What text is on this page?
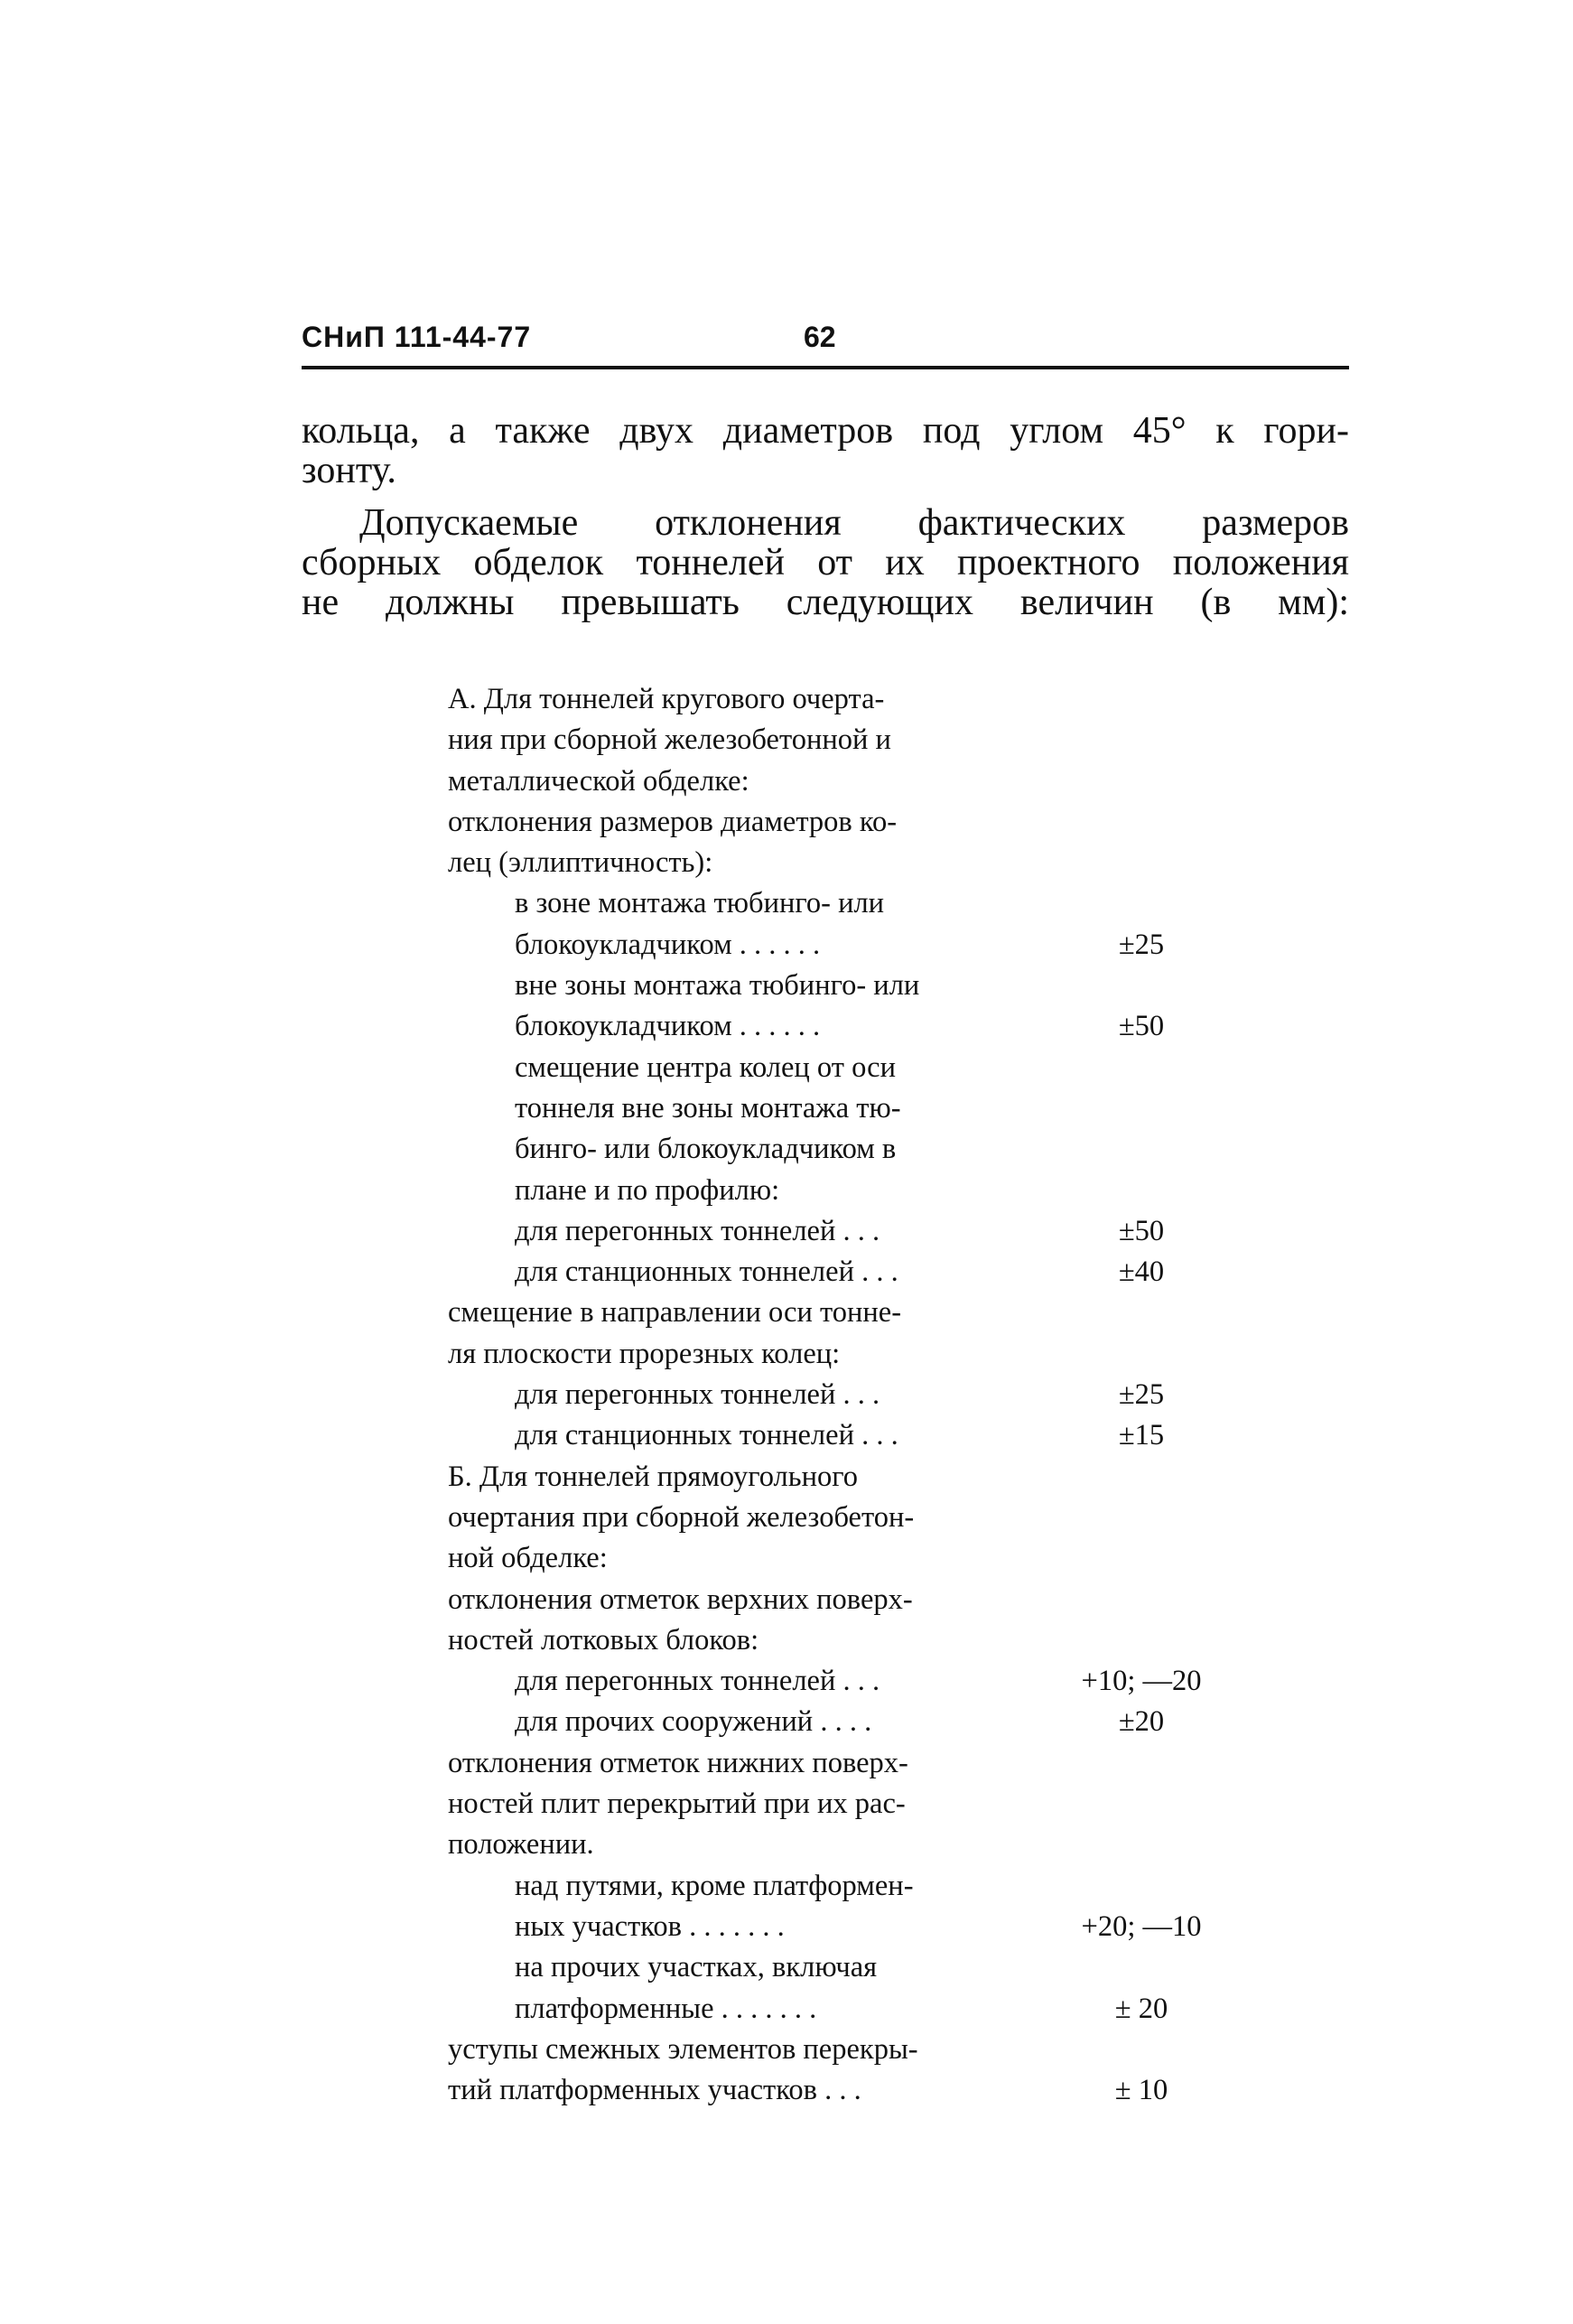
СНиП 111-44-77	62
кольца, а также двух диаметров под углом 45° к гори-
зонту.
Допускаемые отклонения фактических размеров
сборных обделок тоннелей от их проектного положения
не должны превышать следующих величин (в мм):
А. Для тоннелей кругового очерта-
ния при сборной железобетонной и
металлической обделке:
отклонения размеров диаметров ко-
лец (эллиптичность):
в зоне монтажа тюбинго- или
блокоукладчиком . . . . . .	±25
вне зоны монтажа тюбинго- или
блокоукладчиком . . . . . .	±50
смещение центра колец от оси
тоннеля вне зоны монтажа тю-
бинго- или блокоукладчиком в
плане и по профилю:
для перегонных тоннелей . . .	±50
для станционных тоннелей . . .	±40
смещение в направлении оси тонне-
ля плоскости прорезных колец:
для перегонных тоннелей . . .	±25
для станционных тоннелей . . .	±15
Б. Для тоннелей прямоугольного
очертания при сборной железобетон-
ной обделке:
отклонения отметок верхних поверх-
ностей лотковых блоков:
для перегонных тоннелей . . .	+10; —20
для прочих сооружений . . . .	±20
отклонения отметок нижних поверх-
ностей плит перекрытий при их рас-
положении.
над путями, кроме платформен-
ных участков . . . . . . .	+20; —10
на прочих участках, включая
платформенные . . . . . . .	± 20
уступы смежных элементов перекры-
тий платформенных участков . . .	± 10
